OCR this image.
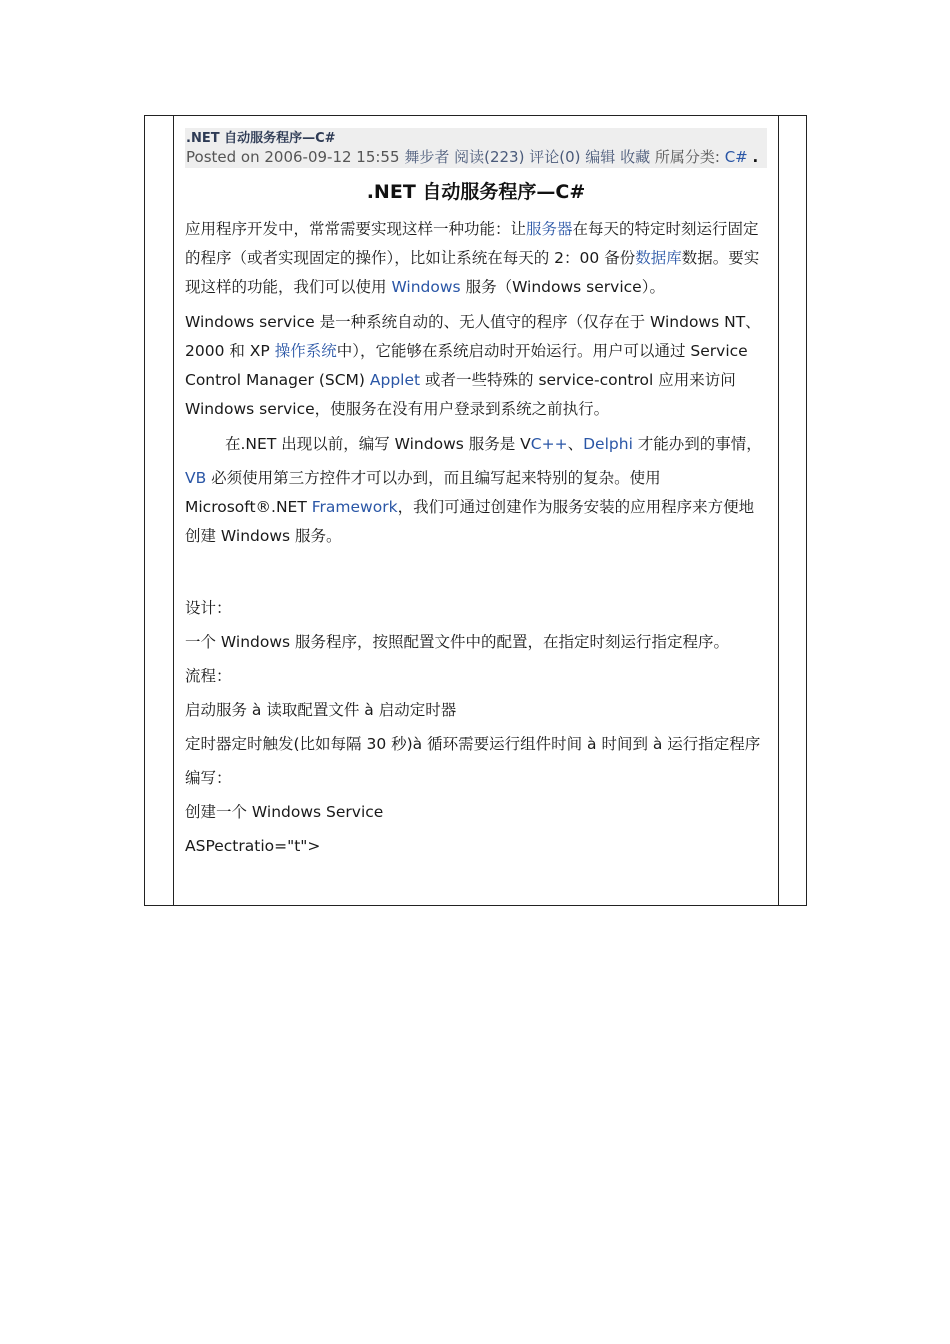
.NET 自动服务程序—C#
Posted on 2006-09-12 15:55 舞步者 阅读(223) 评论(0) 编辑 收藏 所属分类: C# .
.NET 自动服务程序—C#

应用程序开发中，常常需要实现这样一种功能：让服务器在每天的特定时刻运行固定的程序（或者实现固定的操作），比如让系统在每天的 2：00 备份数据库数据。要实现这样的功能，我们可以使用 Windows 服务（Windows service）。

Windows service 是一种系统自动的、无人值守的程序（仅存在于 Windows NT、2000 和 XP 操作系统中），它能够在系统启动时开始运行。用户可以通过 Service Control Manager (SCM) Applet 或者一些特殊的 service-control 应用来访问 Windows service，使服务在没有用户登录到系统之前执行。

在.NET 出现以前，编写 Windows 服务是 VC++、Delphi 才能办到的事情，

VB 必须使用第三方控件才可以办到，而且编写起来特别的复杂。使用 Microsoft®.NET Framework，我们可通过创建作为服务安装的应用程序来方便地创建 Windows 服务。

设计：

一个 Windows 服务程序，按照配置文件中的配置，在指定时刻运行指定程序。

流程：

启动服务 à 读取配置文件 à 启动定时器

定时器定时触发(比如每隔 30 秒)à 循环需要运行组件时间 à 时间到 à 运行指定程序

编写：

创建一个 Windows Service

ASPectratio="t">
